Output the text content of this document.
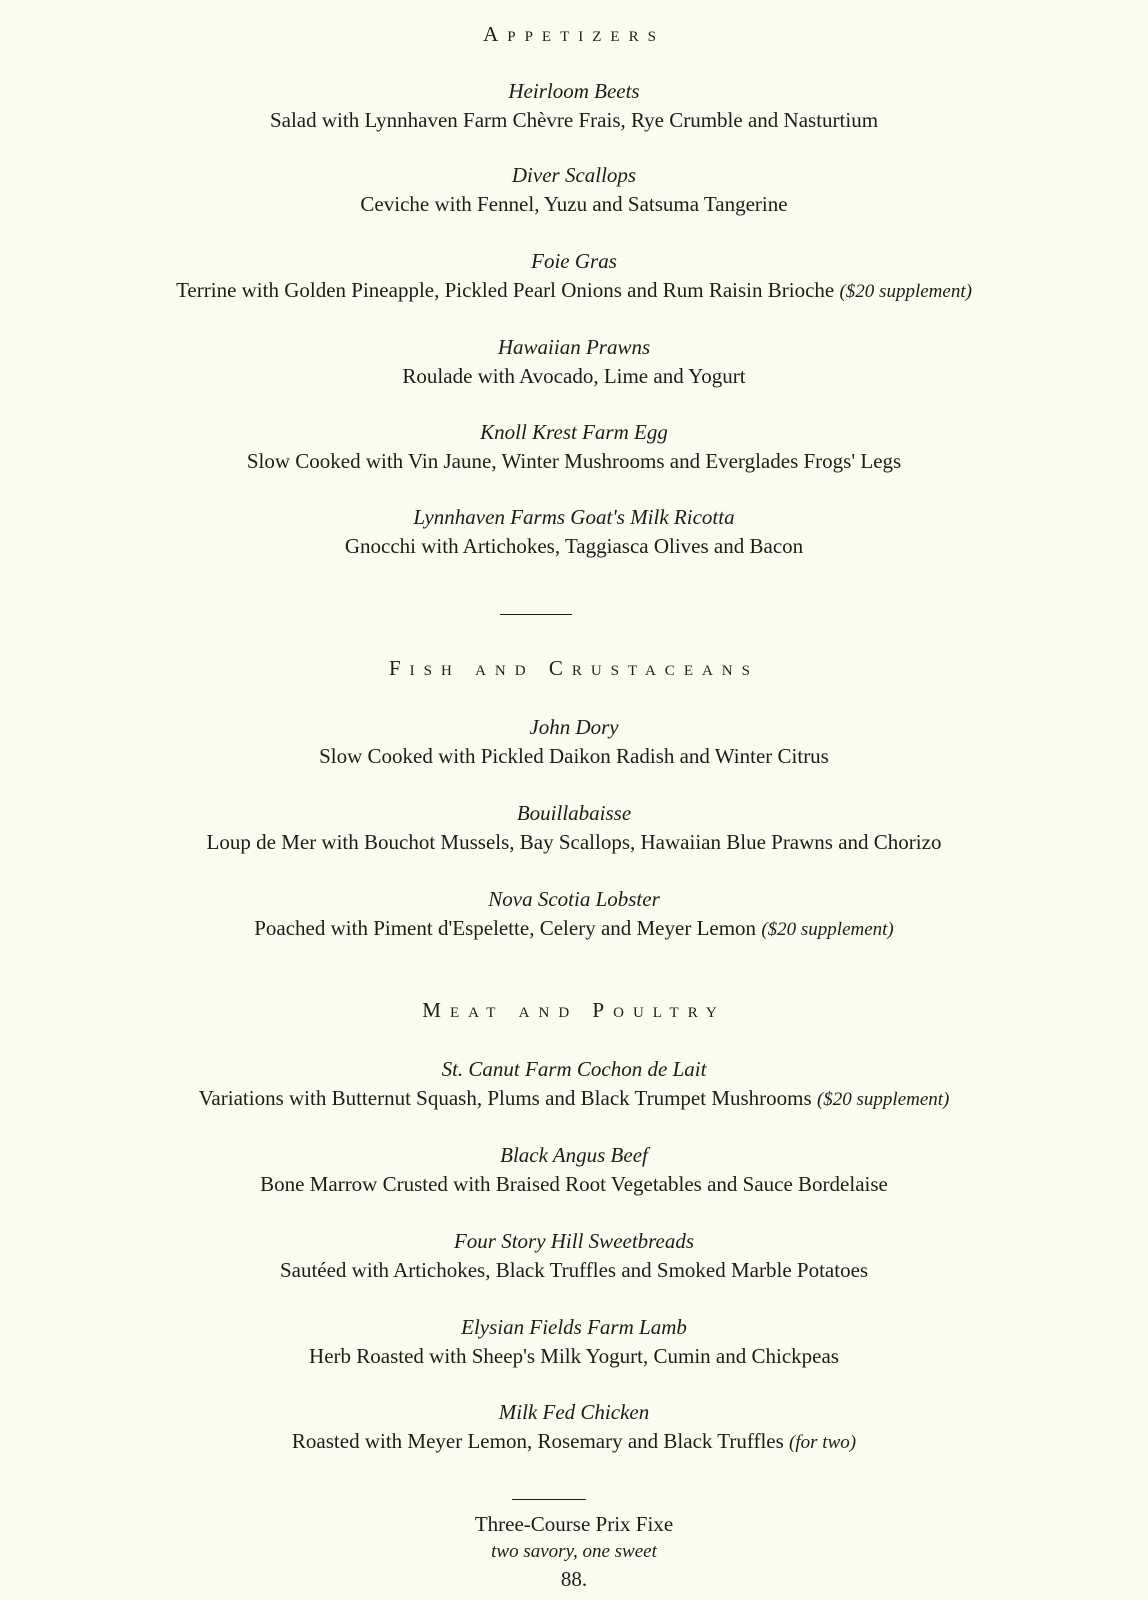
Appetizers
Heirloom Beets
Salad with Lynnhaven Farm Chèvre Frais, Rye Crumble and Nasturtium
Diver Scallops
Ceviche with Fennel, Yuzu and Satsuma Tangerine
Foie Gras
Terrine with Golden Pineapple, Pickled Pearl Onions and Rum Raisin Brioche ($20 supplement)
Hawaiian Prawns
Roulade with Avocado, Lime and Yogurt
Knoll Krest Farm Egg
Slow Cooked with Vin Jaune, Winter Mushrooms and Everglades Frogs' Legs
Lynnhaven Farms Goat's Milk Ricotta
Gnocchi with Artichokes, Taggiasca Olives and Bacon
Fish and Crustaceans
John Dory
Slow Cooked with Pickled Daikon Radish and Winter Citrus
Bouillabaisse
Loup de Mer with Bouchot Mussels, Bay Scallops, Hawaiian Blue Prawns and Chorizo
Nova Scotia Lobster
Poached with Piment d'Espelette, Celery and Meyer Lemon ($20 supplement)
Meat and Poultry
St. Canut Farm Cochon de Lait
Variations with Butternut Squash, Plums and Black Trumpet Mushrooms ($20 supplement)
Black Angus Beef
Bone Marrow Crusted with Braised Root Vegetables and Sauce Bordelaise
Four Story Hill Sweetbreads
Sautéed with Artichokes, Black Truffles and Smoked Marble Potatoes
Elysian Fields Farm Lamb
Herb Roasted with Sheep's Milk Yogurt, Cumin and Chickpeas
Milk Fed Chicken
Roasted with Meyer Lemon, Rosemary and Black Truffles (for two)
Three-Course Prix Fixe
two savory, one sweet
88.
